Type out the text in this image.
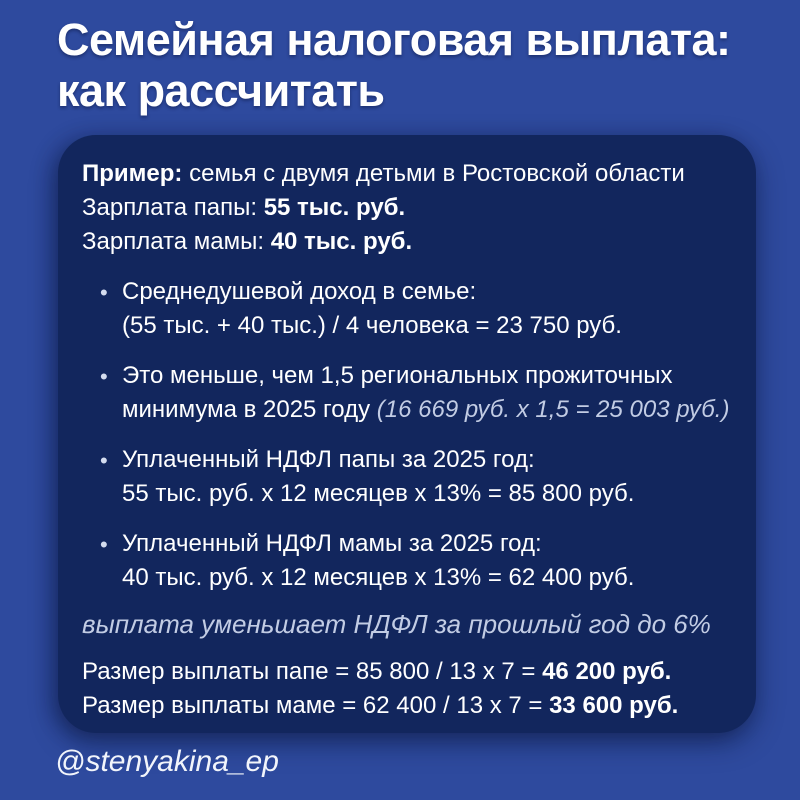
Семейная налоговая выплата:
как рассчитать
Пример: семья с двумя детьми в Ростовской области
Зарплата папы: 55 тыс. руб.
Зарплата мамы: 40 тыс. руб.
• Среднедушевой доход в семье:
(55 тыс. + 40 тыс.) / 4 человека = 23 750 руб.
• Это меньше, чем 1,5 региональных прожиточных
минимума в 2025 году (16 669 руб. х 1,5 = 25 003 руб.)
• Уплаченный НДФЛ папы за 2025 год:
55 тыс. руб. х 12 месяцев х 13% = 85 800 руб.
• Уплаченный НДФЛ мамы за 2025 год:
40 тыс. руб. х 12 месяцев х 13% = 62 400 руб.
выплата уменьшает НДФЛ за прошлый год до 6%
Размер выплаты папе = 85 800 / 13 х 7 = 46 200 руб.
Размер выплаты маме = 62 400 / 13 х 7 = 33 600 руб.
@stenyakina_ep
